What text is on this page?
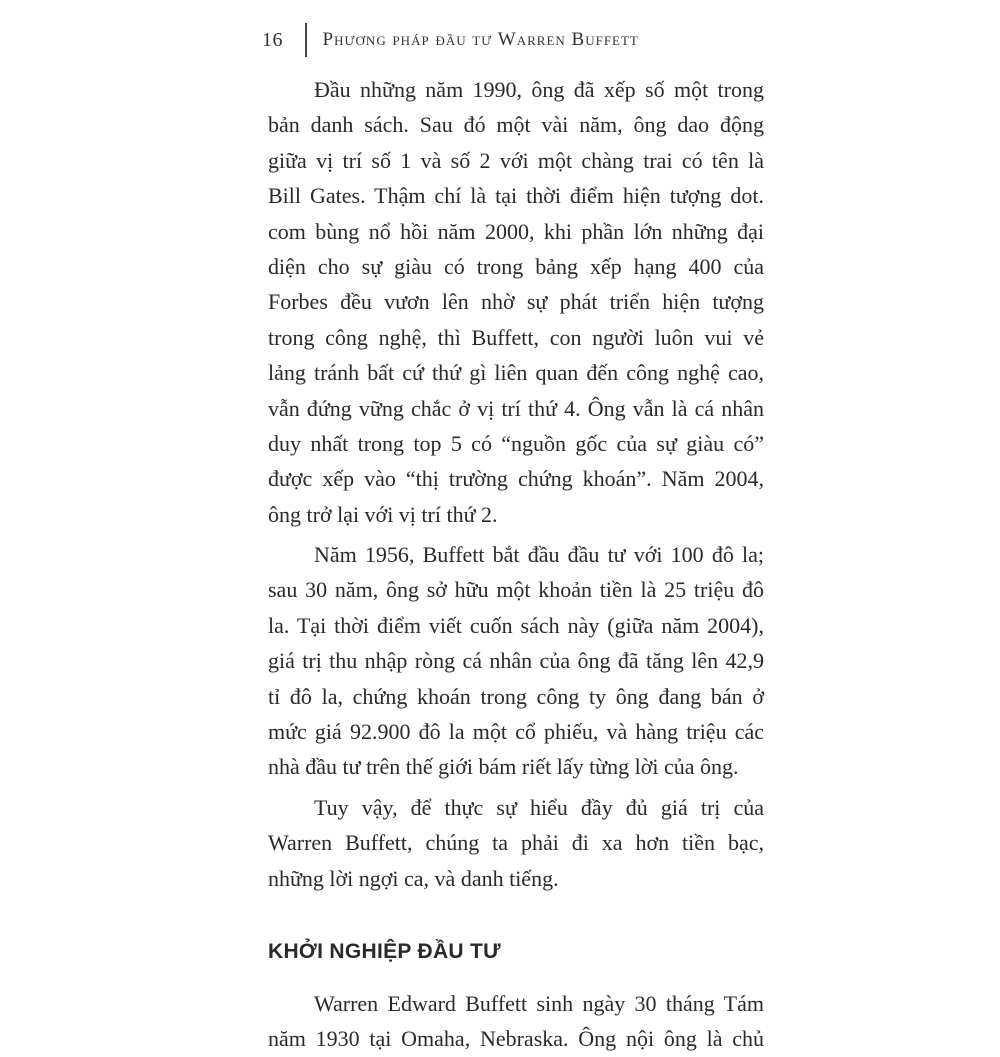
16 Phương pháp đầu tư Warren Buffett
Đầu những năm 1990, ông đã xếp số một trong
bản danh sách. Sau đó một vài năm, ông dao động
giữa vị trí số 1 và số 2 với một chàng trai có tên là
Bill Gates. Thậm chí là tại thời điểm hiện tượng dot.
com bùng nổ hồi năm 2000, khi phần lớn những đại
diện cho sự giàu có trong bảng xếp hạng 400 của
Forbes đều vươn lên nhờ sự phát triển hiện tượng
trong công nghệ, thì Buffett, con người luôn vui vẻ
lảng tránh bất cứ thứ gì liên quan đến công nghệ cao,
vẫn đứng vững chắc ở vị trí thứ 4. Ông vẫn là cá nhân
duy nhất trong top 5 có “nguồn gốc của sự giàu có”
được xếp vào “thị trường chứng khoán”. Năm 2004,
ông trở lại với vị trí thứ 2.
Năm 1956, Buffett bắt đầu đầu tư với 100 đô la;
sau 30 năm, ông sở hữu một khoản tiền là 25 triệu đô
la. Tại thời điểm viết cuốn sách này (giữa năm 2004),
giá trị thu nhập ròng cá nhân của ông đã tăng lên 42,9
tỉ đô la, chứng khoán trong công ty ông đang bán ở
mức giá 92.900 đô la một cổ phiếu, và hàng triệu các
nhà đầu tư trên thế giới bám riết lấy từng lời của ông.
Tuy vậy, để thực sự hiểu đầy đủ giá trị của
Warren Buffett, chúng ta phải đi xa hơn tiền bạc,
những lời ngợi ca, và danh tiếng.
KHỞI NGHIỆP ĐẦU TƯ
Warren Edward Buffett sinh ngày 30 tháng Tám
năm 1930 tại Omaha, Nebraska. Ông nội ông là chủ
